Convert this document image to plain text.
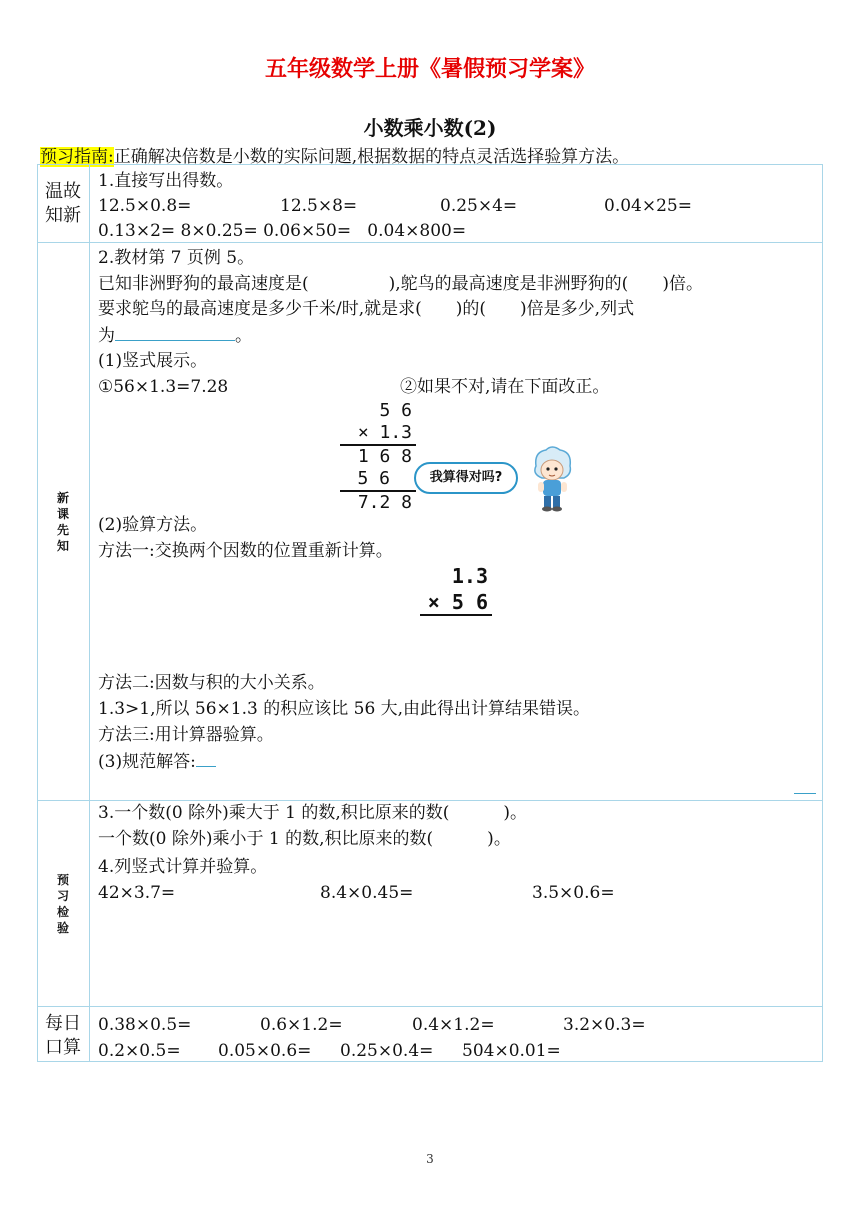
五年级数学上册《暑假预习学案》
小数乘小数(2)
预习指南:正确解决倍数是小数的实际问题,根据数据的特点灵活选择验算方法。
温故
知新
1.直接写出得数。
12.5×0.8=	12.5×8=	0.25×4=	0.04×25=
0.13×2= 8×0.25= 0.06×50=   0.04×800=
新
课
先
知
2.教材第 7 页例 5。
已知非洲野狗的最高速度是(	),鸵鸟的最高速度是非洲野狗的( )倍。
要求鸵鸟的最高速度是多少千米/时,就是求( )的( )倍是多少,列式
为	。
(1)竖式展示。
①56×1.3=7.28	②如果不对,请在下面改正。
5 6
× 1.3
1 6 8
5 6
7.2 8
我算得对吗?
(2)验算方法。
方法一:交换两个因数的位置重新计算。
1.3
× 5 6
方法二:因数与积的大小关系。
1.3>1,所以 56×1.3 的积应该比 56 大,由此得出计算结果错误。
方法三:用计算器验算。
(3)规范解答:
预
习
检
验
3.一个数(0 除外)乘大于 1 的数,积比原来的数(          )。
一个数(0 除外)乘小于 1 的数,积比原来的数(          )。
4.列竖式计算并验算。
42×3.7=	8.4×0.45=	3.5×0.6=
每日
口算
0.38×0.5=	0.6×1.2=	0.4×1.2=	3.2×0.3=
0.2×0.5= 0.05×0.6= 0.25×0.4= 504×0.01=
3
